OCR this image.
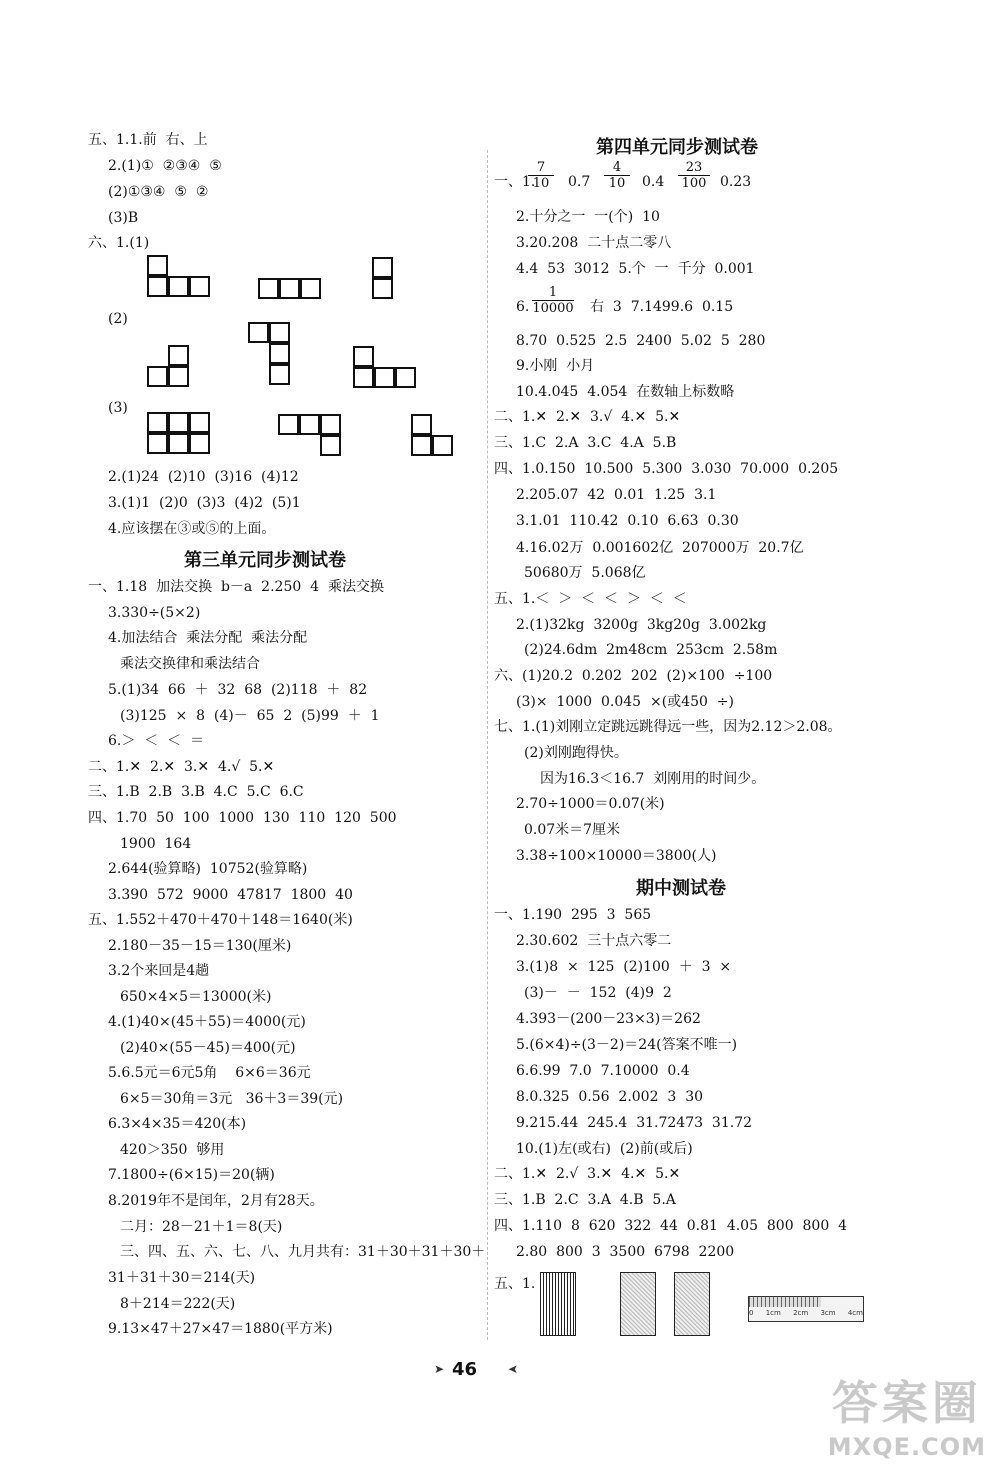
五、1.1.前  右、上
2.(1)①  ②③④  ⑤
(2)①③④  ⑤  ②
(3)B
六、1.(1)
(2)
(3)
2.(1)24  (2)10  (3)16  (4)12
3.(1)1  (2)0  (3)3  (4)2  (5)1
4.应该摆在③或⑤的上面。
第三单元同步测试卷
一、1.18  加法交换  b－a  2.250  4  乘法交换
3.330÷(5×2)
4.加法结合  乘法分配  乘法分配
乘法交换律和乘法结合
5.(1)34  66  ＋  32  68  (2)118  ＋  82
(3)125  ×  8  (4)－  65  2  (5)99  ＋  1
6.＞  ＜  ＜  ＝
二、1.✕  2.✕  3.✕  4.√  5.✕
三、1.B  2.B  3.B  4.C  5.C  6.C
四、1.70  50  100  1000  130  110  120  500
1900  164
2.644(验算略)  10752(验算略)
3.390  572  9000  47817  1800  40
五、1.552＋470＋470＋148＝1640(米)
2.180－35－15＝130(厘米)
3.2个来回是4趟
650×4×5＝13000(米)
4.(1)40×(45＋55)＝4000(元)
(2)40×(55－45)＝400(元)
5.6.5元＝6元5角    6×6＝36元
6×5＝30角＝3元   36＋3＝39(元)
6.3×4×35＝420(本)
420＞350  够用
7.1800÷(6×15)＝20(辆)
8.2019年不是闰年，2月有28天。
二月：28－21＋1＝8(天)
三、四、五、六、七、八、九月共有：31＋30＋31＋30＋
31＋31＋30＝214(天)
8＋214＝222(天)
9.13×47＋27×47＝1880(平方米)
第四单元同步测试卷
一、1.
$\frac{7}{10} 0.7 \frac{4}{10} 0.4 \frac{23}{100} 0.23$
2.十分之一  一(个)  10
3.20.208  二十点二零八
4.4  53  3012  5.个  一  千分  0.001
6. $\frac{1}{10000}$ 右  3  7.1499.6  0.15
8.70  0.525  2.5  2400  5.02  5  280
9.小刚  小月
10.4.045  4.054  在数轴上标数略
二、1.✕  2.✕  3.√  4.✕  5.✕
三、1.C  2.A  3.C  4.A  5.B
四、1.0.150  10.500  5.300  3.030  70.000  0.205
2.205.07  42  0.01  1.25  3.1
3.1.01  110.42  0.10  6.63  0.30
4.16.02万  0.001602亿  207000万  20.7亿
50680万  5.068亿
五、1.＜  ＞  ＜  ＜  ＞  ＜  ＜
2.(1)32kg  3200g  3kg20g  3.002kg
(2)24.6dm  2m48cm  253cm  2.58m
六、(1)20.2  0.202  202  (2)×100  ÷100
(3)×  1000  0.045  ×(或450  ÷)
七、1.(1)刘刚立定跳远跳得远一些，因为2.12＞2.08。
(2)刘刚跑得快。
因为16.3＜16.7  刘刚用的时间少。
2.70÷1000＝0.07(米)
0.07米＝7厘米
3.38÷100×10000＝3800(人)
期中测试卷
一、1.190  295  3  565
2.30.602  三十点六零二
3.(1)8  ×  125  (2)100  ＋  3  ×
(3)－  －  152  (4)9  2
4.393－(200－23×3)＝262
5.(6×4)÷(3－2)＝24(答案不唯一)
6.6.99  7.0  7.10000  0.4
8.0.325  0.56  2.002  3  30
9.215.44  245.4  31.72473  31.72
10.(1)左(或右)  (2)前(或后)
二、1.✕  2.√  3.✕  4.✕  5.✕
三、1.B  2.C  3.A  4.B  5.A
四、1.110  8  620  322  44  0.81  4.05  800  800  4
2.80  800  3  3500  6798  2200
五、1.
0 1cm 2cm 3cm 4cm
➤ 46	➤
答案圈
MXQE.COM
